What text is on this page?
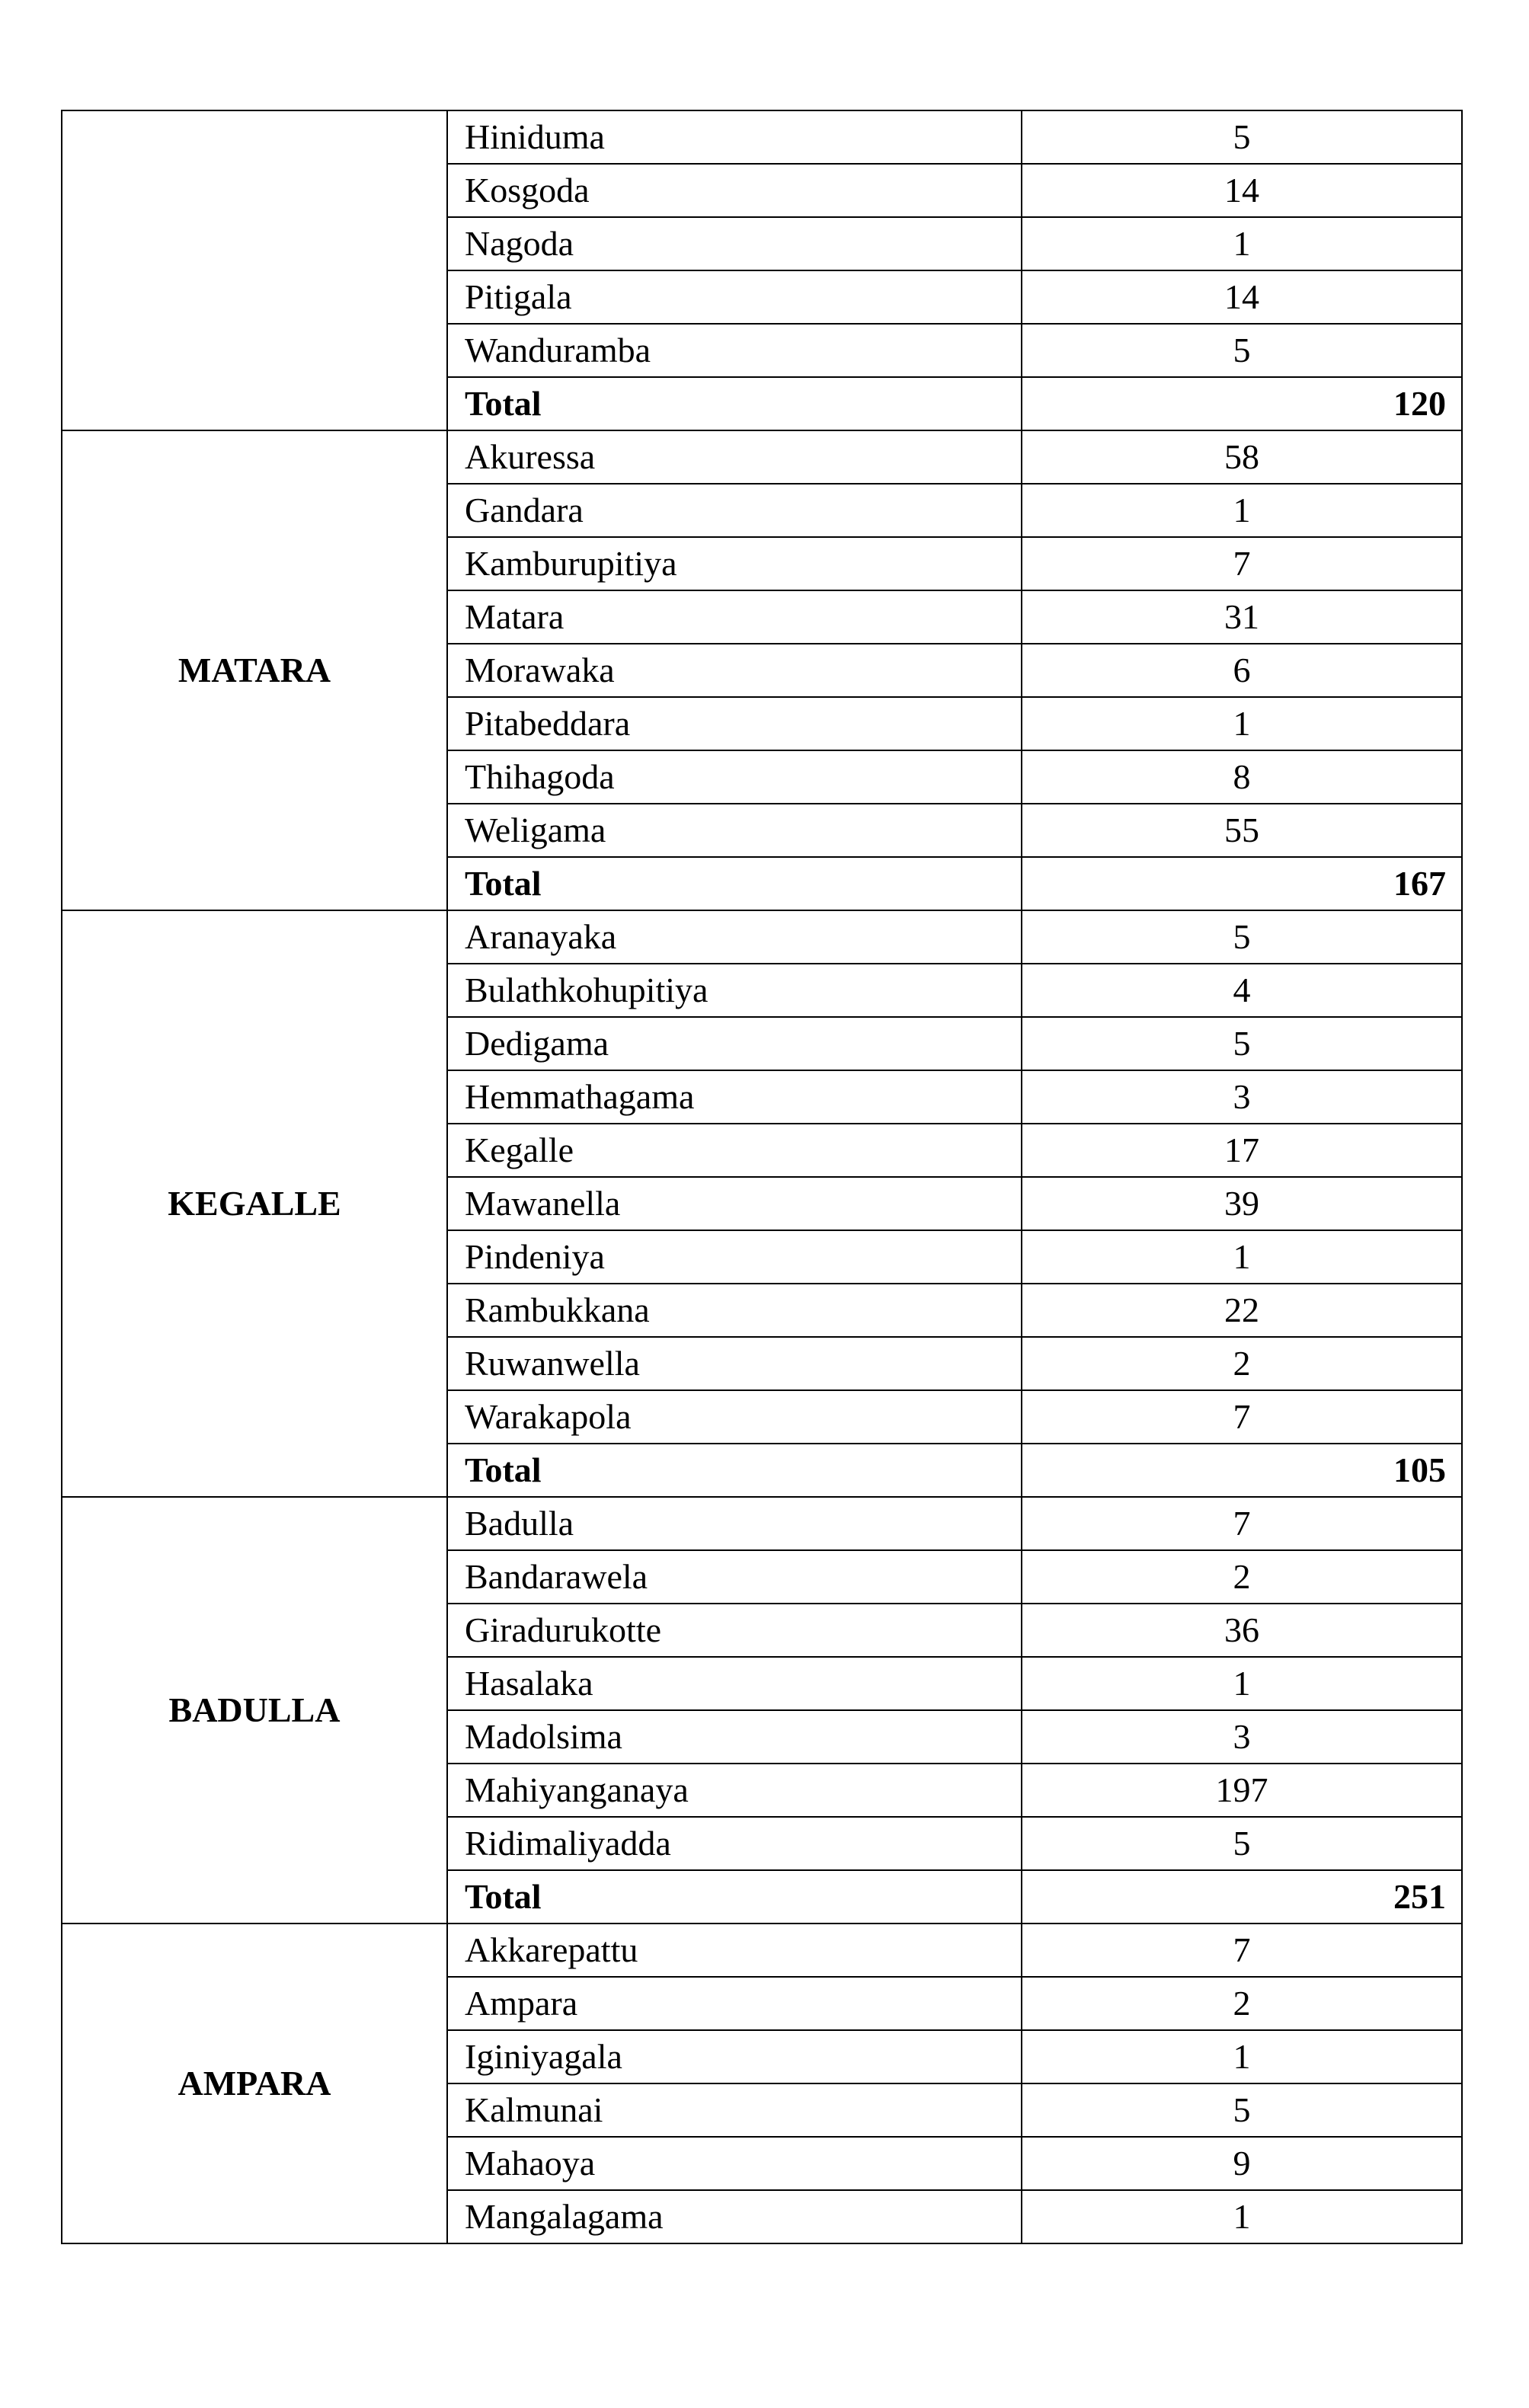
	Hiniduma	5
	Kosgoda	14
	Nagoda	1
	Pitigala	14
	Wanduramba	5
	Total	120
MATARA	Akuressa	58
	Gandara	1
	Kamburupitiya	7
	Matara	31
	Morawaka	6
	Pitabeddara	1
	Thihagoda	8
	Weligama	55
	Total	167
KEGALLE	Aranayaka	5
	Bulathkohupitiya	4
	Dedigama	5
	Hemmathagama	3
	Kegalle	17
	Mawanella	39
	Pindeniya	1
	Rambukkana	22
	Ruwanwella	2
	Warakapola	7
	Total	105
BADULLA	Badulla	7
	Bandarawela	2
	Giradurukotte	36
	Hasalaka	1
	Madolsima	3
	Mahiyanganaya	197
	Ridimaliyadda	5
	Total	251
AMPARA	Akkarepattu	7
	Ampara	2
	Iginiyagala	1
	Kalmunai	5
	Mahaoya	9
	Mangalagama	1
